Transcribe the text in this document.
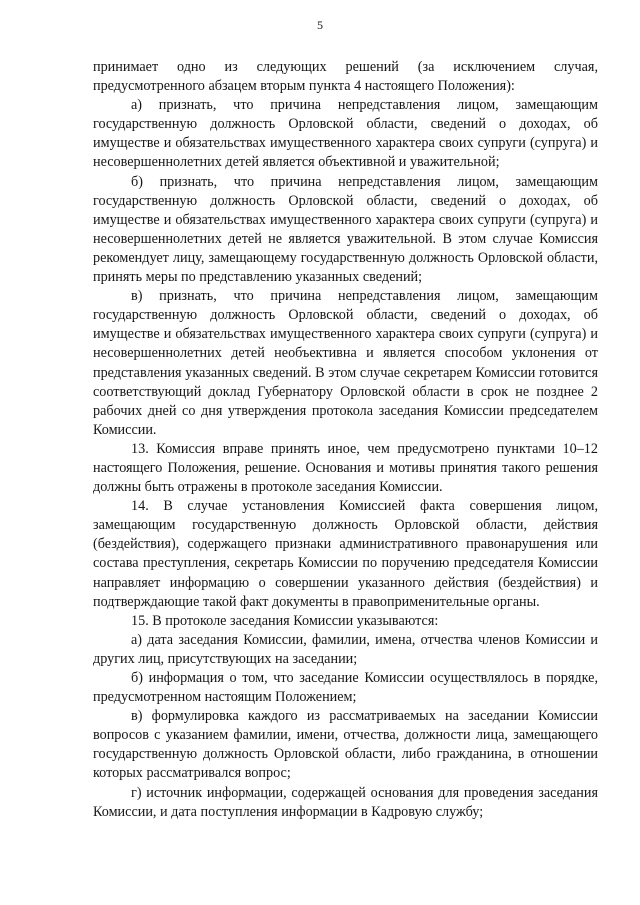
5

принимает одно из следующих решений (за исключением случая, предусмотренного абзацем вторым пункта 4 настоящего Положения):

а) признать, что причина непредставления лицом, замещающим государственную должность Орловской области, сведений о доходах, об имуществе и обязательствах имущественного характера своих супруги (супруга) и несовершеннолетних детей является объективной и уважительной;

б) признать, что причина непредставления лицом, замещающим государственную должность Орловской области, сведений о доходах, об имуществе и обязательствах имущественного характера своих супруги (супруга) и несовершеннолетних детей не является уважительной. В этом случае Комиссия рекомендует лицу, замещающему государственную должность Орловской области, принять меры по представлению указанных сведений;

в) признать, что причина непредставления лицом, замещающим государственную должность Орловской области, сведений о доходах, об имуществе и обязательствах имущественного характера своих супруги (супруга) и несовершеннолетних детей необъективна и является способом уклонения от представления указанных сведений. В этом случае секретарем Комиссии готовится соответствующий доклад Губернатору Орловской области в срок не позднее 2 рабочих дней со дня утверждения протокола заседания Комиссии председателем Комиссии.

13. Комиссия вправе принять иное, чем предусмотрено пунктами 10–12 настоящего Положения, решение. Основания и мотивы принятия такого решения должны быть отражены в протоколе заседания Комиссии.

14. В случае установления Комиссией факта совершения лицом, замещающим государственную должность Орловской области, действия (бездействия), содержащего признаки административного правонарушения или состава преступления, секретарь Комиссии по поручению председателя Комиссии направляет информацию о совершении указанного действия (бездействия) и подтверждающие такой факт документы в правоприменительные органы.

15. В протоколе заседания Комиссии указываются:

а) дата заседания Комиссии, фамилии, имена, отчества членов Комиссии и других лиц, присутствующих на заседании;

б) информация о том, что заседание Комиссии осуществлялось в порядке, предусмотренном настоящим Положением;

в) формулировка каждого из рассматриваемых на заседании Комиссии вопросов с указанием фамилии, имени, отчества, должности лица, замещающего государственную должность Орловской области, либо гражданина, в отношении которых рассматривался вопрос;

г) источник информации, содержащей основания для проведения заседания Комиссии, и дата поступления информации в Кадровую службу;
